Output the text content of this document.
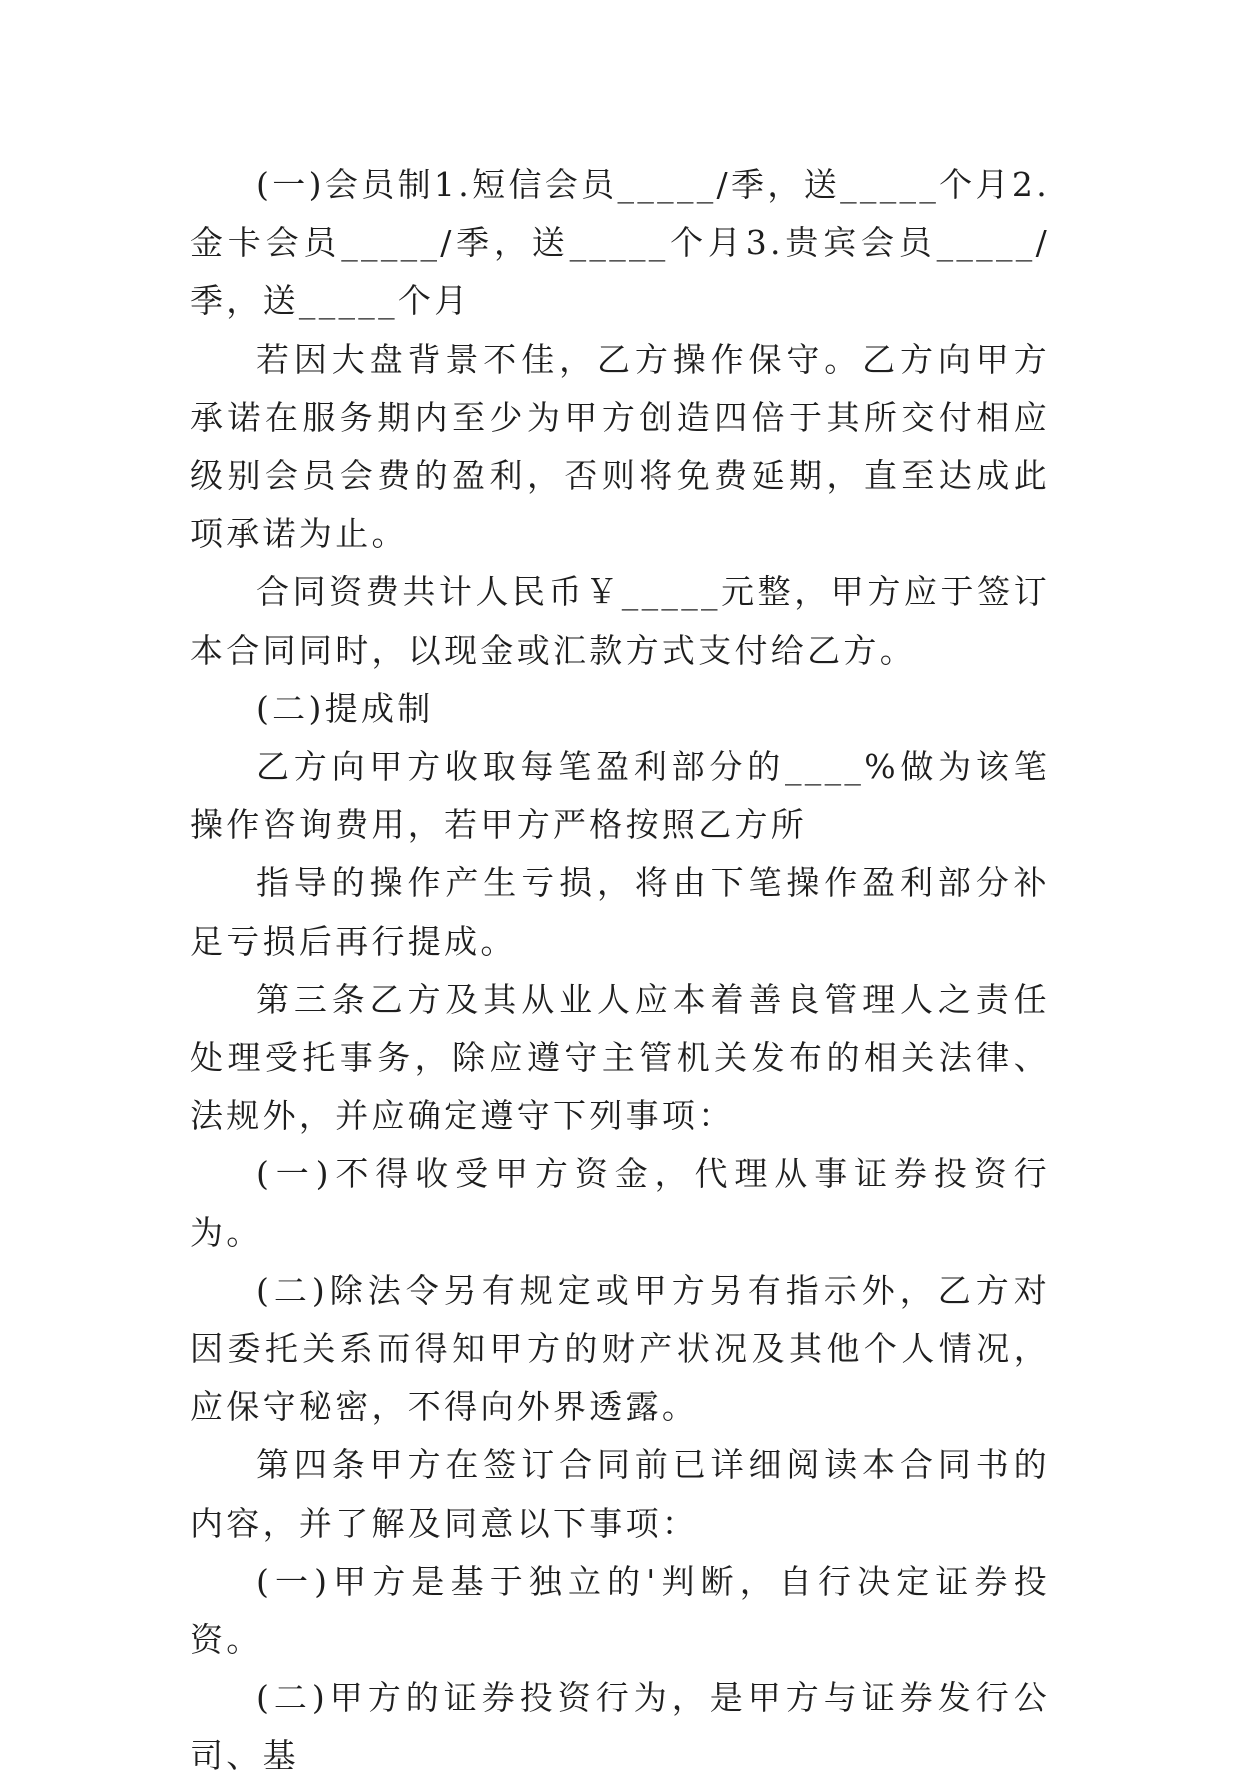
(一)会员制1.短信会员_____/季，送_____个月2.金卡会员_____/季，送_____个月3.贵宾会员_____/季，送_____个月

若因大盘背景不佳，乙方操作保守。乙方向甲方承诺在服务期内至少为甲方创造四倍于其所交付相应级别会员会费的盈利，否则将免费延期，直至达成此项承诺为止。

合同资费共计人民币￥_____元整，甲方应于签订本合同同时，以现金或汇款方式支付给乙方。

(二)提成制

乙方向甲方收取每笔盈利部分的____%做为该笔操作咨询费用，若甲方严格按照乙方所

指导的操作产生亏损，将由下笔操作盈利部分补足亏损后再行提成。

第三条乙方及其从业人应本着善良管理人之责任处理受托事务，除应遵守主管机关发布的相关法律、法规外，并应确定遵守下列事项：

(一)不得收受甲方资金，代理从事证券投资行为。

(二)除法令另有规定或甲方另有指示外，乙方对因委托关系而得知甲方的财产状况及其他个人情况，应保守秘密，不得向外界透露。

第四条甲方在签订合同前已详细阅读本合同书的内容，并了解及同意以下事项：

(一)甲方是基于独立的'判断，自行决定证券投资。

(二)甲方的证券投资行为，是甲方与证券发行公司、基
